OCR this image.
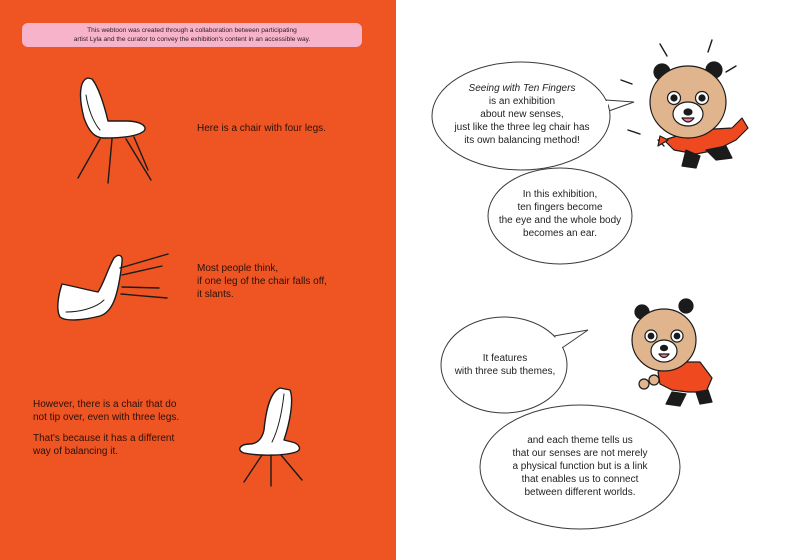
This webtoon was created through a collaboration between participating
artist Lyla and the curator to convey the exhibition's content in an accessible way.
Here is a chair with four legs.
Most people think,
if one leg of the chair falls off,
it slants.
However, there is a chair that do
not tip over, even with three legs.
That's because it has a different
way of balancing it.
Seeing with Ten Fingers
is an exhibition
about new senses,
just like the three leg chair has
its own balancing method!
In this exhibition,
ten fingers become
the eye and the whole body
becomes an ear.
It features
with three sub themes,
and each theme tells us
that our senses are not merely
a physical function but is a link
that enables us to connect
between different worlds.
